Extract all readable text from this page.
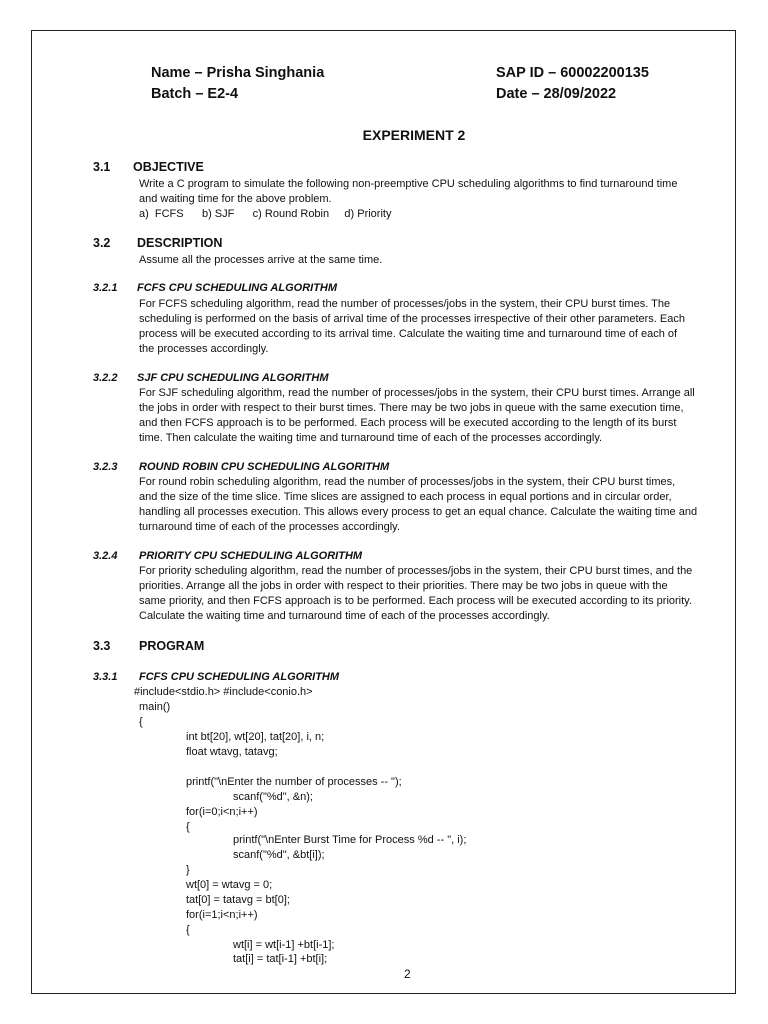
Name – Prisha Singhania
Batch – E2-4
SAP ID – 60002200135
Date – 28/09/2022
EXPERIMENT 2
3.1 OBJECTIVE
Write a C program to simulate the following non-preemptive CPU scheduling algorithms to find turnaround time
and waiting time for the above problem.
a)  FCFS      b) SJF      c) Round Robin     d) Priority
3.2 DESCRIPTION
Assume all the processes arrive at the same time.
3.2.1 FCFS CPU SCHEDULING ALGORITHM
For FCFS scheduling algorithm, read the number of processes/jobs in the system, their CPU burst times. The
scheduling is performed on the basis of arrival time of the processes irrespective of their other parameters. Each
process will be executed according to its arrival time. Calculate the waiting time and turnaround time of each of
the processes accordingly.
3.2.2 SJF CPU SCHEDULING ALGORITHM
For SJF scheduling algorithm, read the number of processes/jobs in the system, their CPU burst times. Arrange all
the jobs in order with respect to their burst times. There may be two jobs in queue with the same execution time,
and then FCFS approach is to be performed. Each process will be executed according to the length of its burst
time. Then calculate the waiting time and turnaround time of each of the processes accordingly.
3.2.3 ROUND ROBIN CPU SCHEDULING ALGORITHM
For round robin scheduling algorithm, read the number of processes/jobs in the system, their CPU burst times,
and the size of the time slice. Time slices are assigned to each process in equal portions and in circular order,
handling all processes execution. This allows every process to get an equal chance. Calculate the waiting time and
turnaround time of each of the processes accordingly.
3.2.4 PRIORITY CPU SCHEDULING ALGORITHM
For priority scheduling algorithm, read the number of processes/jobs in the system, their CPU burst times, and the
priorities. Arrange all the jobs in order with respect to their priorities. There may be two jobs in queue with the
same priority, and then FCFS approach is to be performed. Each process will be executed according to its priority.
Calculate the waiting time and turnaround time of each of the processes accordingly.
3.3 PROGRAM
3.3.1 FCFS CPU SCHEDULING ALGORITHM
#include<stdio.h> #include<conio.h>
main()
{
int bt[20], wt[20], tat[20], i, n;
float wtavg, tatavg;
printf("\nEnter the number of processes -- ");
scanf("%d", &n);
for(i=0;i<n;i++)
{
printf("\nEnter Burst Time for Process %d -- ", i);
scanf("%d", &bt[i]);
}
wt[0] = wtavg = 0;
tat[0] = tatavg = bt[0];
for(i=1;i<n;i++)
{
wt[i] = wt[i-1] +bt[i-1];
tat[i] = tat[i-1] +bt[i];
2
